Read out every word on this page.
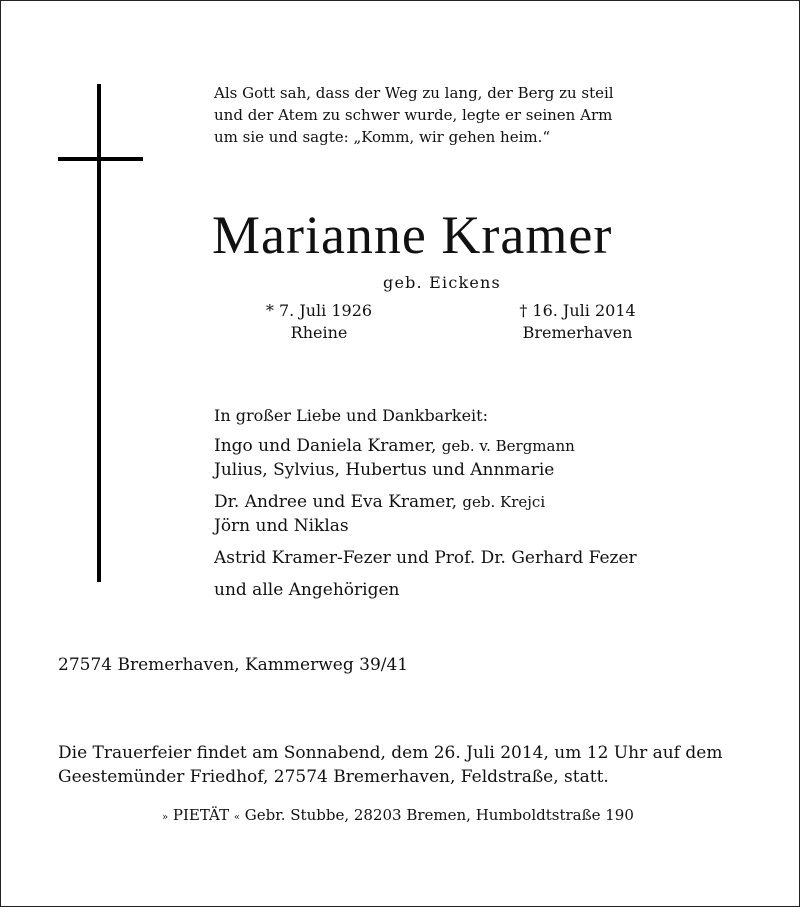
Als Gott sah, dass der Weg zu lang, der Berg zu steil
und der Atem zu schwer wurde, legte er seinen Arm
um sie und sagte: „Komm, wir gehen heim.“
Marianne Kramer
geb. Eickens
* 7. Juli 1926
Rheine
† 16. Juli 2014
Bremerhaven
In großer Liebe und Dankbarkeit:
Ingo und Daniela Kramer, geb. v. Bergmann
Julius, Sylvius, Hubertus und Annmarie
Dr. Andree und Eva Kramer, geb. Krejci
Jörn und Niklas
Astrid Kramer-Fezer und Prof. Dr. Gerhard Fezer
und alle Angehörigen
27574 Bremerhaven, Kammerweg 39/41
Die Trauerfeier findet am Sonnabend, dem 26. Juli 2014, um 12 Uhr auf dem
Geestemünder Friedhof, 27574 Bremerhaven, Feldstraße, statt.
» PIETÄT « Gebr. Stubbe, 28203 Bremen, Humboldtstraße 190
